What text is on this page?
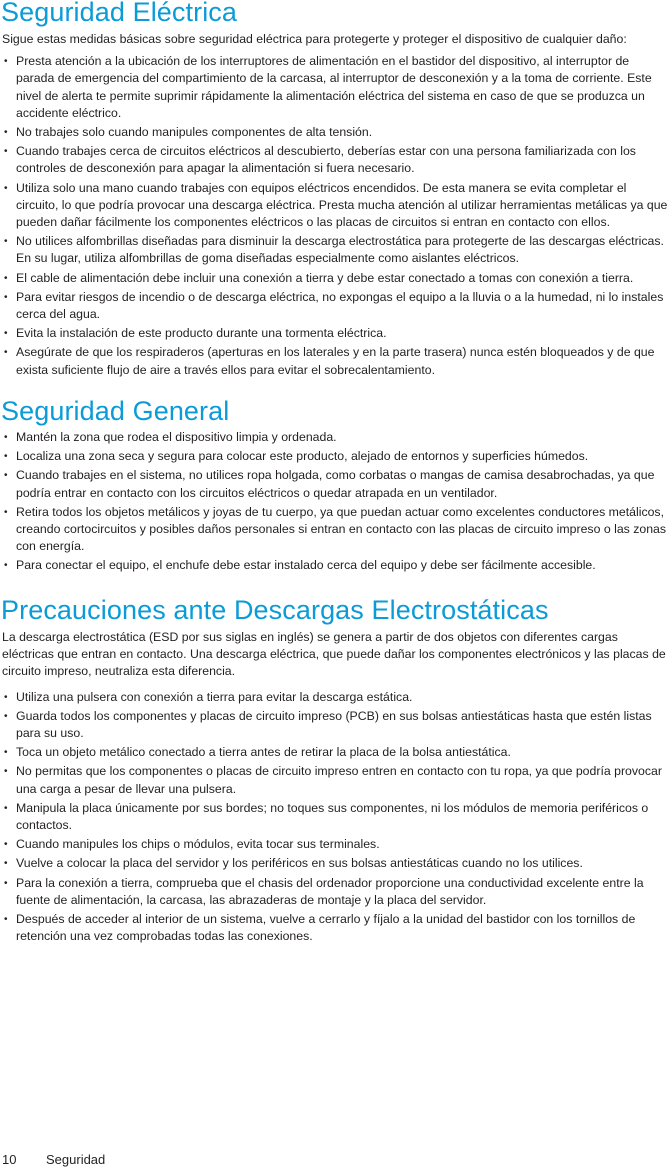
Seguridad Eléctrica

Sigue estas medidas básicas sobre seguridad eléctrica para protegerte y proteger el dispositivo de cualquier daño:

• Presta atención a la ubicación de los interruptores de alimentación en el bastidor del dispositivo, al interruptor de parada de emergencia del compartimiento de la carcasa, al interruptor de desconexión y a la toma de corriente. Este nivel de alerta te permite suprimir rápidamente la alimentación eléctrica del sistema en caso de que se produzca un accidente eléctrico.
• No trabajes solo cuando manipules componentes de alta tensión.
• Cuando trabajes cerca de circuitos eléctricos al descubierto, deberías estar con una persona familiarizada con los controles de desconexión para apagar la alimentación si fuera necesario.
• Utiliza solo una mano cuando trabajes con equipos eléctricos encendidos. De esta manera se evita completar el circuito, lo que podría provocar una descarga eléctrica. Presta mucha atención al utilizar herramientas metálicas ya que pueden dañar fácilmente los componentes eléctricos o las placas de circuitos si entran en contacto con ellos.
• No utilices alfombrillas diseñadas para disminuir la descarga electrostática para protegerte de las descargas eléctricas. En su lugar, utiliza alfombrillas de goma diseñadas especialmente como aislantes eléctricos.
• El cable de alimentación debe incluir una conexión a tierra y debe estar conectado a tomas con conexión a tierra.
• Para evitar riesgos de incendio o de descarga eléctrica, no expongas el equipo a la lluvia o a la humedad, ni lo instales cerca del agua.
• Evita la instalación de este producto durante una tormenta eléctrica.
• Asegúrate de que los respiraderos (aperturas en los laterales y en la parte trasera) nunca estén bloqueados y de que exista suficiente flujo de aire a través ellos para evitar el sobrecalentamiento.
Seguridad General
• Mantén la zona que rodea el dispositivo limpia y ordenada.
• Localiza una zona seca y segura para colocar este producto, alejado de entornos y superficies húmedos.
• Cuando trabajes en el sistema, no utilices ropa holgada, como corbatas o mangas de camisa desabrochadas, ya que podría entrar en contacto con los circuitos eléctricos o quedar atrapada en un ventilador.
• Retira todos los objetos metálicos y joyas de tu cuerpo, ya que puedan actuar como excelentes conductores metálicos, creando cortocircuitos y posibles daños personales si entran en contacto con las placas de circuito impreso o las zonas con energía.
• Para conectar el equipo, el enchufe debe estar instalado cerca del equipo y debe ser fácilmente accesible.
Precauciones ante Descargas Electrostáticas

La descarga electrostática (ESD por sus siglas en inglés) se genera a partir de dos objetos con diferentes cargas eléctricas que entran en contacto. Una descarga eléctrica, que puede dañar los componentes electrónicos y las placas de circuito impreso, neutraliza esta diferencia.

• Utiliza una pulsera con conexión a tierra para evitar la descarga estática.
• Guarda todos los componentes y placas de circuito impreso (PCB) en sus bolsas antiestáticas hasta que estén listas para su uso.
• Toca un objeto metálico conectado a tierra antes de retirar la placa de la bolsa antiestática.
• No permitas que los componentes o placas de circuito impreso entren en contacto con tu ropa, ya que podría provocar una carga a pesar de llevar una pulsera.
• Manipula la placa únicamente por sus bordes; no toques sus componentes, ni los módulos de memoria periféricos o contactos.
• Cuando manipules los chips o módulos, evita tocar sus terminales.
• Vuelve a colocar la placa del servidor y los periféricos en sus bolsas antiestáticas cuando no los utilices.
• Para la conexión a tierra, comprueba que el chasis del ordenador proporcione una conductividad excelente entre la fuente de alimentación, la carcasa, las abrazaderas de montaje y la placa del servidor.
• Después de acceder al interior de un sistema, vuelve a cerrarlo y fíjalo a la unidad del bastidor con los tornillos de retención una vez comprobadas todas las conexiones.
10 Seguridad
